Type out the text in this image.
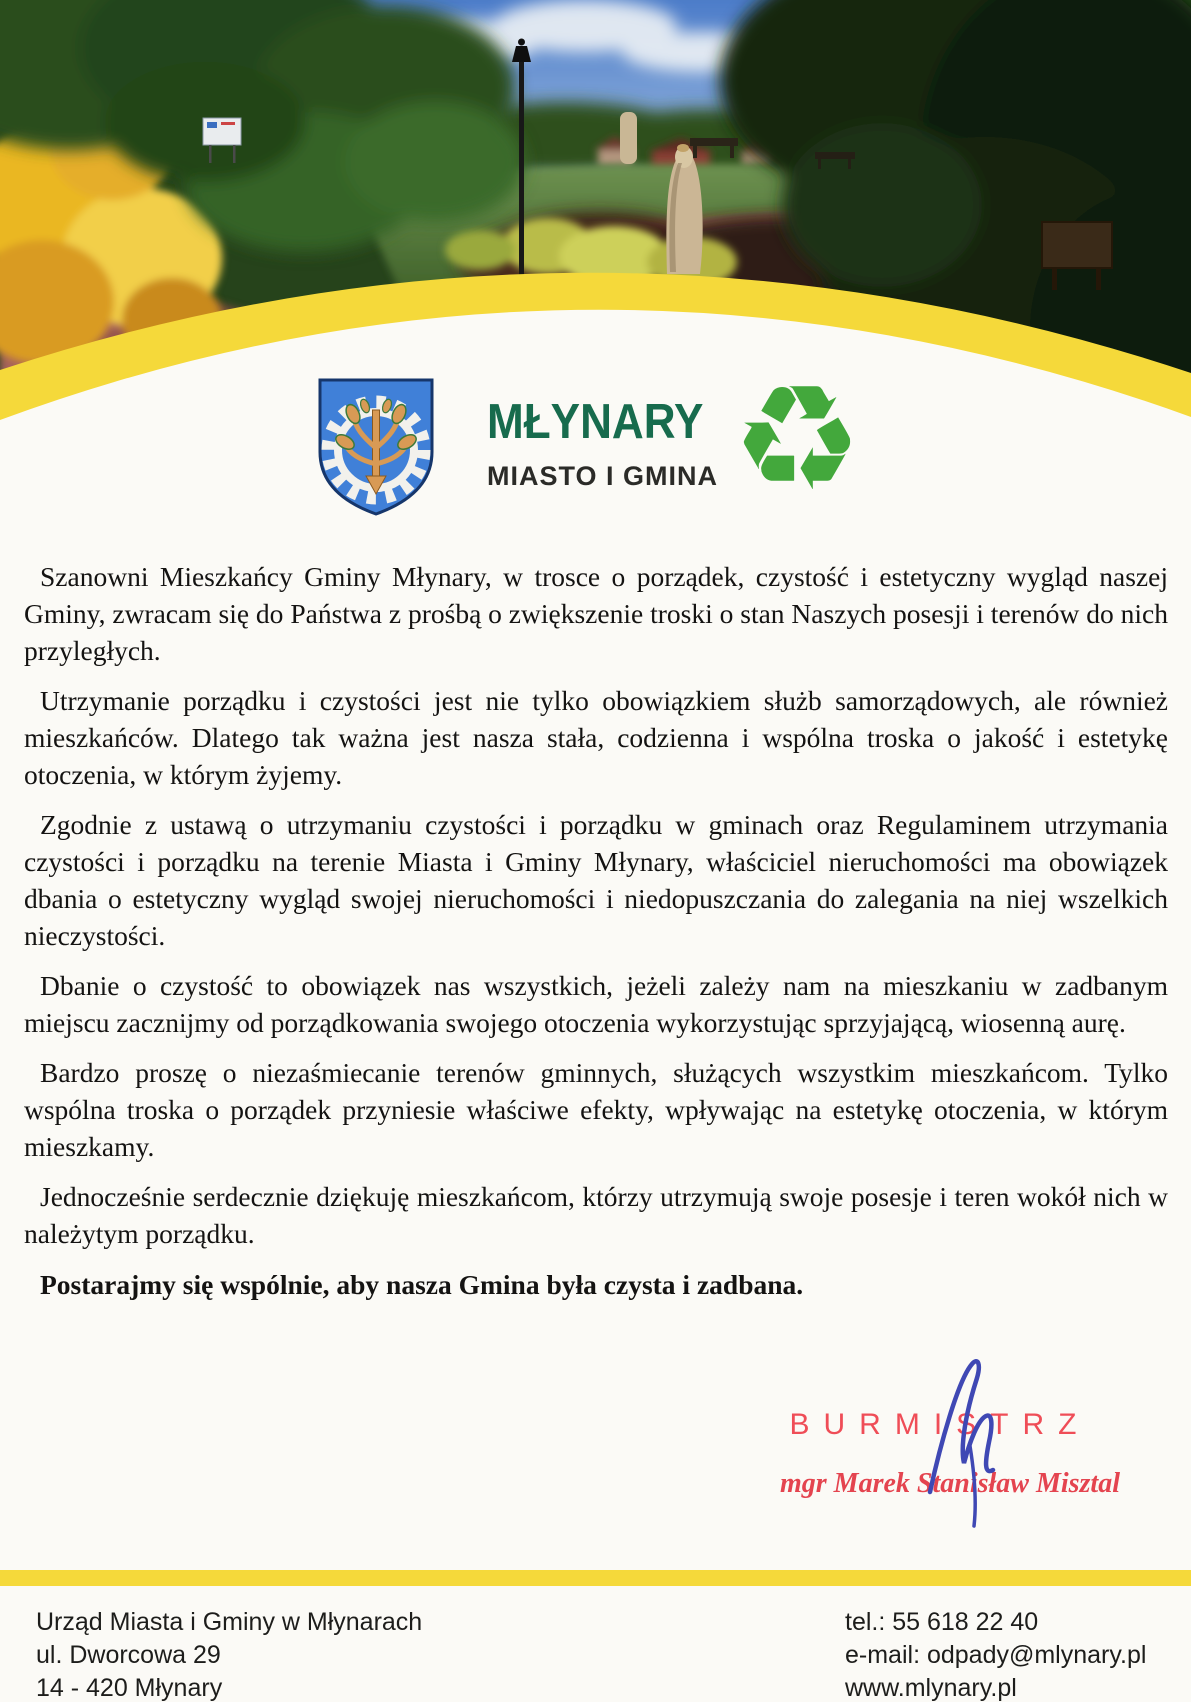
MŁYNARY
MIASTO I GMINA ♻

Szanowni Mieszkańcy Gminy Młynary, w trosce o porządek, czystość i estetyczny wygląd naszej Gminy, zwracam się do Państwa z prośbą o zwiększenie troski o stan Naszych posesji i terenów do nich przyległych.

Utrzymanie porządku i czystości jest nie tylko obowiązkiem służb samorządowych, ale również mieszkańców. Dlatego tak ważna jest nasza stała, codzienna i wspólna troska o jakość i estetykę otoczenia, w którym żyjemy.

Zgodnie z ustawą o utrzymaniu czystości i porządku w gminach oraz Regulaminem utrzymania czystości i porządku na terenie Miasta i Gminy Młynary, właściciel nieruchomości ma obowiązek dbania o estetyczny wygląd swojej nieruchomości i niedopuszczania do zalegania na niej wszelkich nieczystości.

Dbanie o czystość to obowiązek nas wszystkich, jeżeli zależy nam na mieszkaniu w zadbanym miejscu zacznijmy od porządkowania swojego otoczenia wykorzystując sprzyjającą, wiosenną aurę.

Bardzo proszę o niezaśmiecanie terenów gminnych, służących wszystkim mieszkańcom. Tylko wspólna troska o porządek przyniesie właściwe efekty, wpływając na estetykę otoczenia, w którym mieszkamy.

Jednocześnie serdecznie dziękuję mieszkańcom, którzy utrzymują swoje posesje i teren wokół nich w należytym porządku.

Postarajmy się wspólnie, aby nasza Gmina była czysta i zadbana.

BURMISTRZ
mgr Marek Stanisław Misztal
Urząd Miasta i Gminy w Młynarach
ul. Dworcowa 29
14 - 420 Młynary
tel.: 55 618 22 40
e-mail: odpady@mlynary.pl
www.mlynary.pl
